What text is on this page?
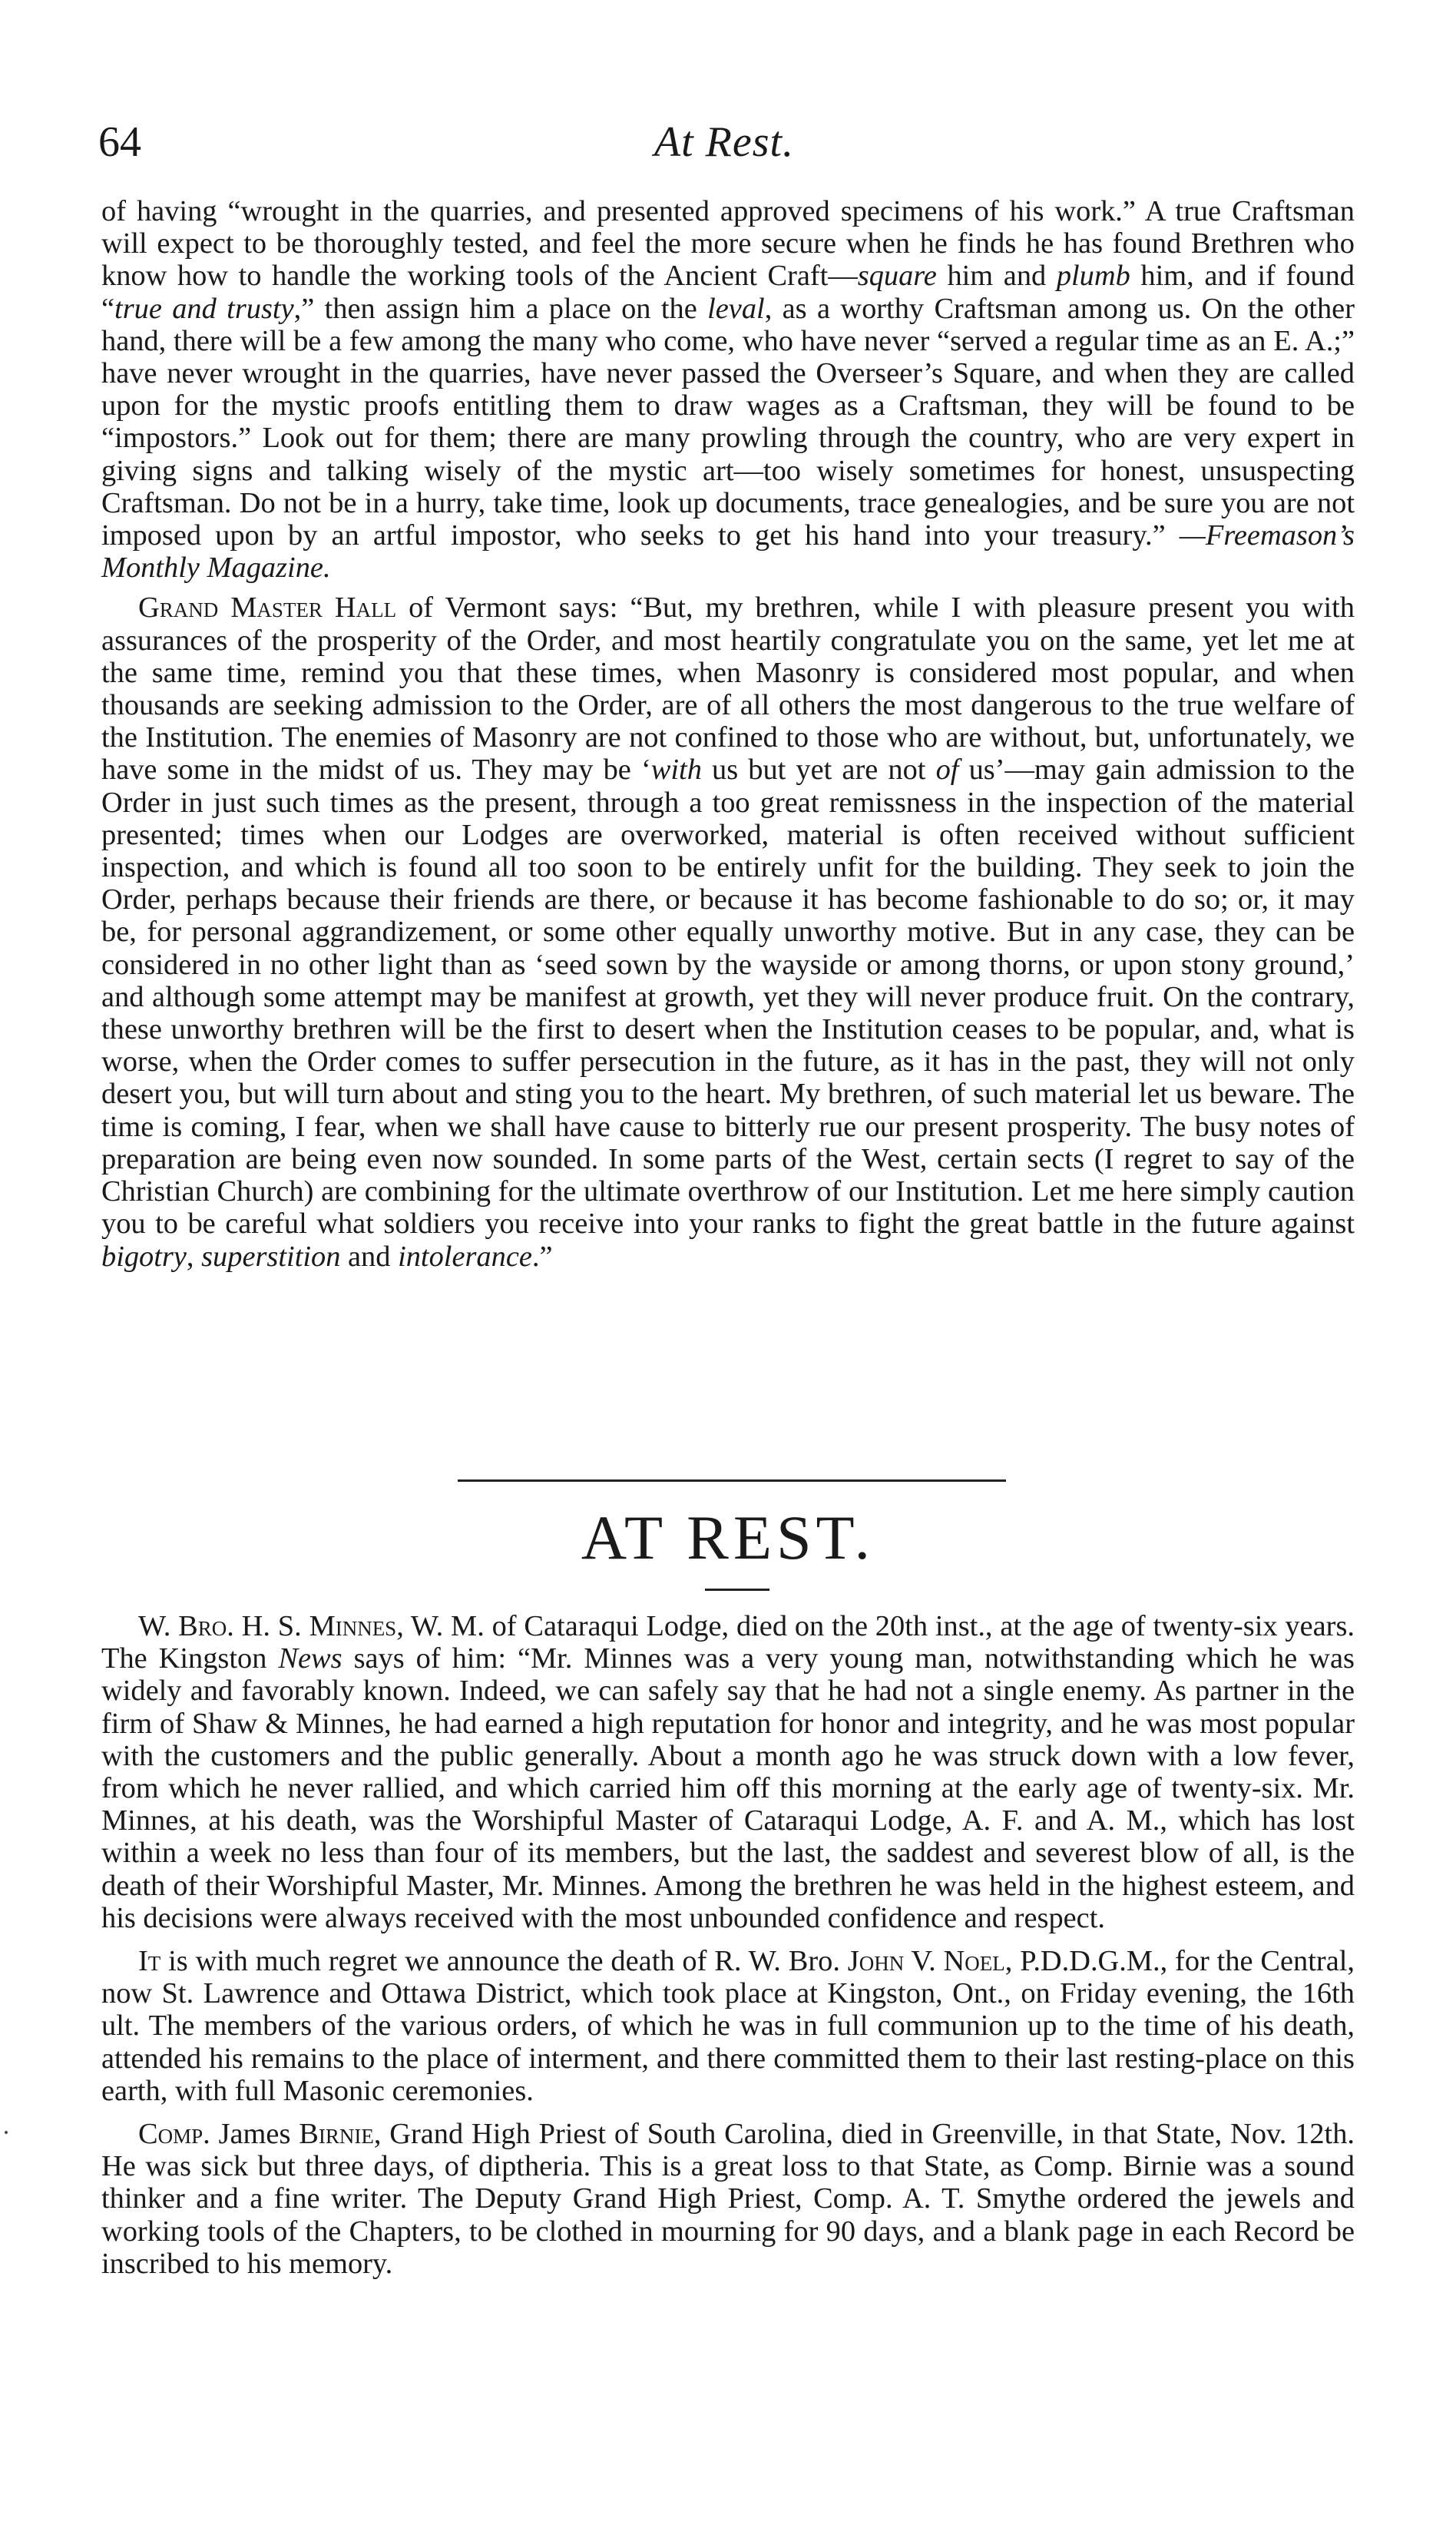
64	At Rest.

of having “wrought in the quarries, and presented approved specimens of his work.” A true Craftsman will expect to be thoroughly tested, and feel the more secure when he finds he has found Brethren who know how to handle the working tools of the Ancient Craft—square him and plumb him, and if found “true and trusty,” then assign him a place on the leval, as a worthy Craftsman among us. On the other hand, there will be a few among the many who come, who have never “served a regular time as an E. A.;” have never wrought in the quarries, have never passed the Overseer’s Square, and when they are called upon for the mystic proofs entitling them to draw wages as a Craftsman, they will be found to be “impostors.” Look out for them; there are many prowling through the country, who are very expert in giving signs and talking wisely of the mystic art—too wisely sometimes for honest, unsuspecting Craftsman. Do not be in a hurry, take time, look up documents, trace genealogies, and be sure you are not imposed upon by an artful impostor, who seeks to get his hand into your treasury.” —Freemason’s Monthly Magazine.

Grand Master Hall of Vermont says: “But, my brethren, while I with pleasure present you with assurances of the prosperity of the Order, and most heartily congratulate you on the same, yet let me at the same time, remind you that these times, when Masonry is considered most popular, and when thousands are seeking admission to the Order, are of all others the most dangerous to the true welfare of the Institution. The enemies of Masonry are not confined to those who are without, but, unfortunately, we have some in the midst of us. They may be ‘with us but yet are not of us’—may gain admission to the Order in just such times as the present, through a too great remissness in the inspection of the material presented; times when our Lodges are overworked, material is often received without sufficient inspection, and which is found all too soon to be entirely unfit for the building. They seek to join the Order, perhaps because their friends are there, or because it has become fashionable to do so; or, it may be, for personal aggrandizement, or some other equally unworthy motive. But in any case, they can be considered in no other light than as ‘seed sown by the wayside or among thorns, or upon stony ground,’ and although some attempt may be manifest at growth, yet they will never produce fruit. On the contrary, these unworthy brethren will be the first to desert when the Institution ceases to be popular, and, what is worse, when the Order comes to suffer persecution in the future, as it has in the past, they will not only desert you, but will turn about and sting you to the heart. My brethren, of such material let us beware. The time is coming, I fear, when we shall have cause to bitterly rue our present prosperity. The busy notes of preparation are being even now sounded. In some parts of the West, certain sects (I regret to say of the Christian Church) are combining for the ultimate overthrow of our Institution. Let me here simply caution you to be careful what soldiers you receive into your ranks to fight the great battle in the future against bigotry, superstition and intolerance.”

AT REST.

W. Bro. H. S. Minnes, W. M. of Cataraqui Lodge, died on the 20th inst., at the age of twenty-six years. The Kingston News says of him: “Mr. Minnes was a very young man, notwithstanding which he was widely and favorably known. Indeed, we can safely say that he had not a single enemy. As partner in the firm of Shaw & Minnes, he had earned a high reputation for honor and integrity, and he was most popular with the customers and the public generally. About a month ago he was struck down with a low fever, from which he never rallied, and which carried him off this morning at the early age of twenty-six. Mr. Minnes, at his death, was the Worshipful Master of Cataraqui Lodge, A. F. and A. M., which has lost within a week no less than four of its members, but the last, the saddest and severest blow of all, is the death of their Worshipful Master, Mr. Minnes. Among the brethren he was held in the highest esteem, and his decisions were always received with the most unbounded confidence and respect.

It is with much regret we announce the death of R. W. Bro. John V. Noel, P.D.D.G.M., for the Central, now St. Lawrence and Ottawa District, which took place at Kingston, Ont., on Friday evening, the 16th ult. The members of the various orders, of which he was in full communion up to the time of his death, attended his remains to the place of interment, and there committed them to their last resting-place on this earth, with full Masonic ceremonies.

Comp. James Birnie, Grand High Priest of South Carolina, died in Greenville, in that State, Nov. 12th. He was sick but three days, of diptheria. This is a great loss to that State, as Comp. Birnie was a sound thinker and a fine writer. The Deputy Grand High Priest, Comp. A. T. Smythe ordered the jewels and working tools of the Chapters, to be clothed in mourning for 90 days, and a blank page in each Record be inscribed to his memory.
